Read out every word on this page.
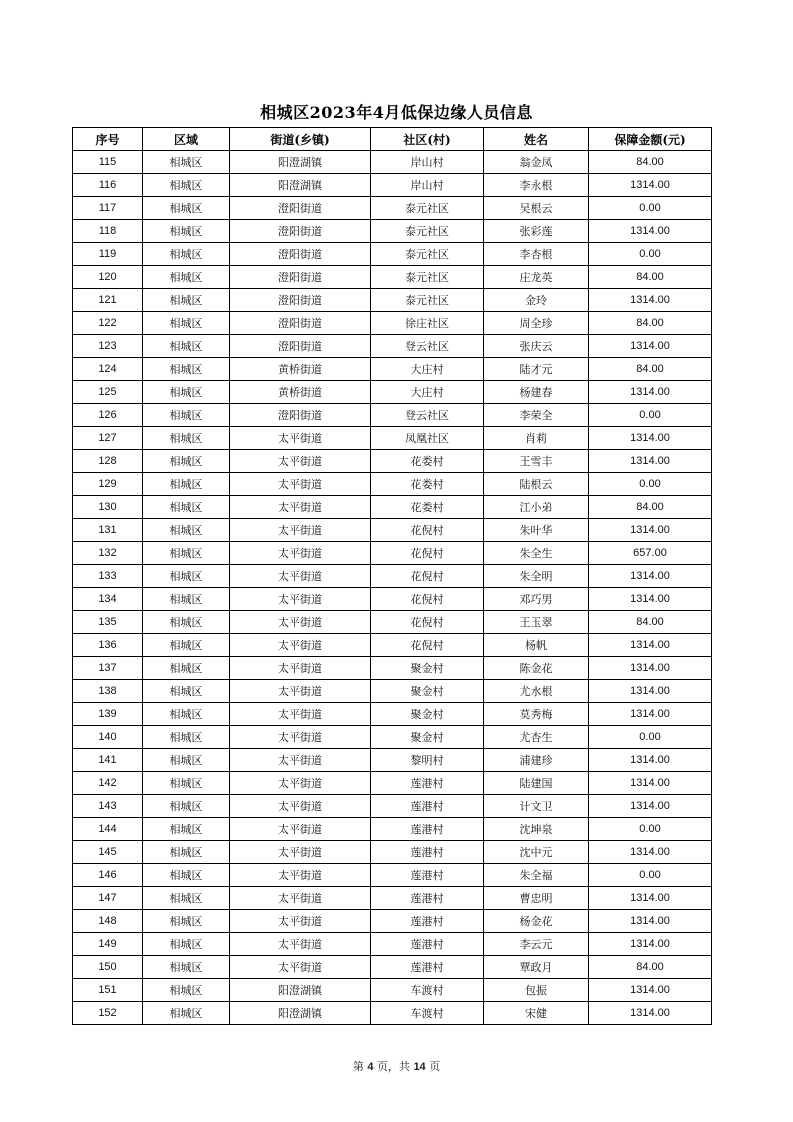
相城区2023年4月低保边缘人员信息
序号	区域	街道(乡镇)	社区(村)	姓名	保障金额(元)
115	相城区	阳澄湖镇	岸山村	翁金凤	84.00
116	相城区	阳澄湖镇	岸山村	李永根	1314.00
117	相城区	澄阳街道	泰元社区	吴根云	0.00
118	相城区	澄阳街道	泰元社区	张彩莲	1314.00
119	相城区	澄阳街道	泰元社区	李杏根	0.00
120	相城区	澄阳街道	泰元社区	庄龙英	84.00
121	相城区	澄阳街道	泰元社区	金玲	1314.00
122	相城区	澄阳街道	徐庄社区	周全珍	84.00
123	相城区	澄阳街道	登云社区	张庆云	1314.00
124	相城区	黄桥街道	大庄村	陆才元	84.00
125	相城区	黄桥街道	大庄村	杨建春	1314.00
126	相城区	澄阳街道	登云社区	李荣全	0.00
127	相城区	太平街道	凤凰社区	肖莉	1314.00
128	相城区	太平街道	花娄村	王雪丰	1314.00
129	相城区	太平街道	花娄村	陆根云	0.00
130	相城区	太平街道	花娄村	江小弟	84.00
131	相城区	太平街道	花倪村	朱叶华	1314.00
132	相城区	太平街道	花倪村	朱全生	657.00
133	相城区	太平街道	花倪村	朱全明	1314.00
134	相城区	太平街道	花倪村	邓巧男	1314.00
135	相城区	太平街道	花倪村	王玉翠	84.00
136	相城区	太平街道	花倪村	杨帆	1314.00
137	相城区	太平街道	聚金村	陈金花	1314.00
138	相城区	太平街道	聚金村	尤水根	1314.00
139	相城区	太平街道	聚金村	莫秀梅	1314.00
140	相城区	太平街道	聚金村	尤杏生	0.00
141	相城区	太平街道	黎明村	浦建珍	1314.00
142	相城区	太平街道	莲港村	陆建国	1314.00
143	相城区	太平街道	莲港村	计文卫	1314.00
144	相城区	太平街道	莲港村	沈坤泉	0.00
145	相城区	太平街道	莲港村	沈中元	1314.00
146	相城区	太平街道	莲港村	朱全福	0.00
147	相城区	太平街道	莲港村	曹忠明	1314.00
148	相城区	太平街道	莲港村	杨金花	1314.00
149	相城区	太平街道	莲港村	李云元	1314.00
150	相城区	太平街道	莲港村	覃政月	84.00
151	相城区	阳澄湖镇	车渡村	包振	1314.00
152	相城区	阳澄湖镇	车渡村	宋健	1314.00
第 4 页，共 14 页
